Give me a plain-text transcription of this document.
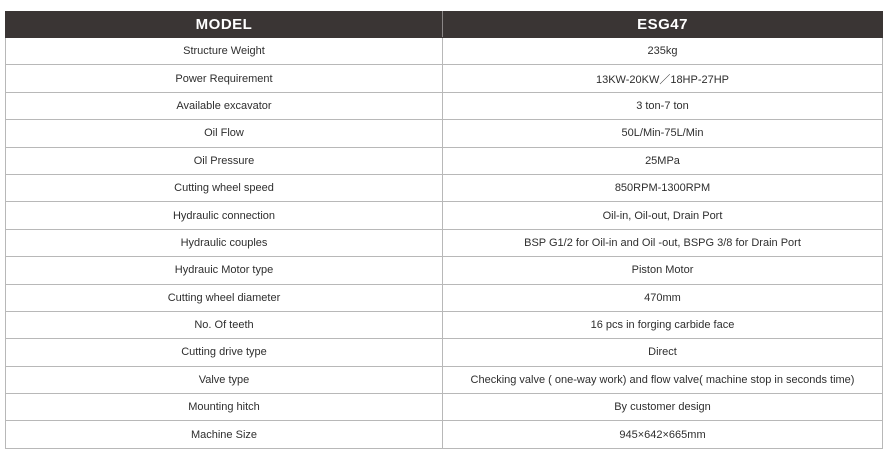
MODEL	ESG47
Structure Weight	235kg
Power Requirement	13KW-20KW／18HP-27HP
Available excavator	3 ton-7 ton
Oil Flow	50L/Min-75L/Min
Oil Pressure	25MPa
Cutting wheel speed	850RPM-1300RPM
Hydraulic connection	Oil-in, Oil-out, Drain Port
Hydraulic couples	BSP G1/2 for Oil-in and Oil -out, BSPG 3/8 for Drain Port
Hydrauic Motor type	Piston Motor
Cutting wheel diameter	470mm
No. Of teeth	16 pcs in forging carbide face
Cutting drive type	Direct
Valve type	Checking valve ( one-way work) and flow valve( machine stop in seconds time)
Mounting hitch	By customer design
Machine Size	945×642×665mm
